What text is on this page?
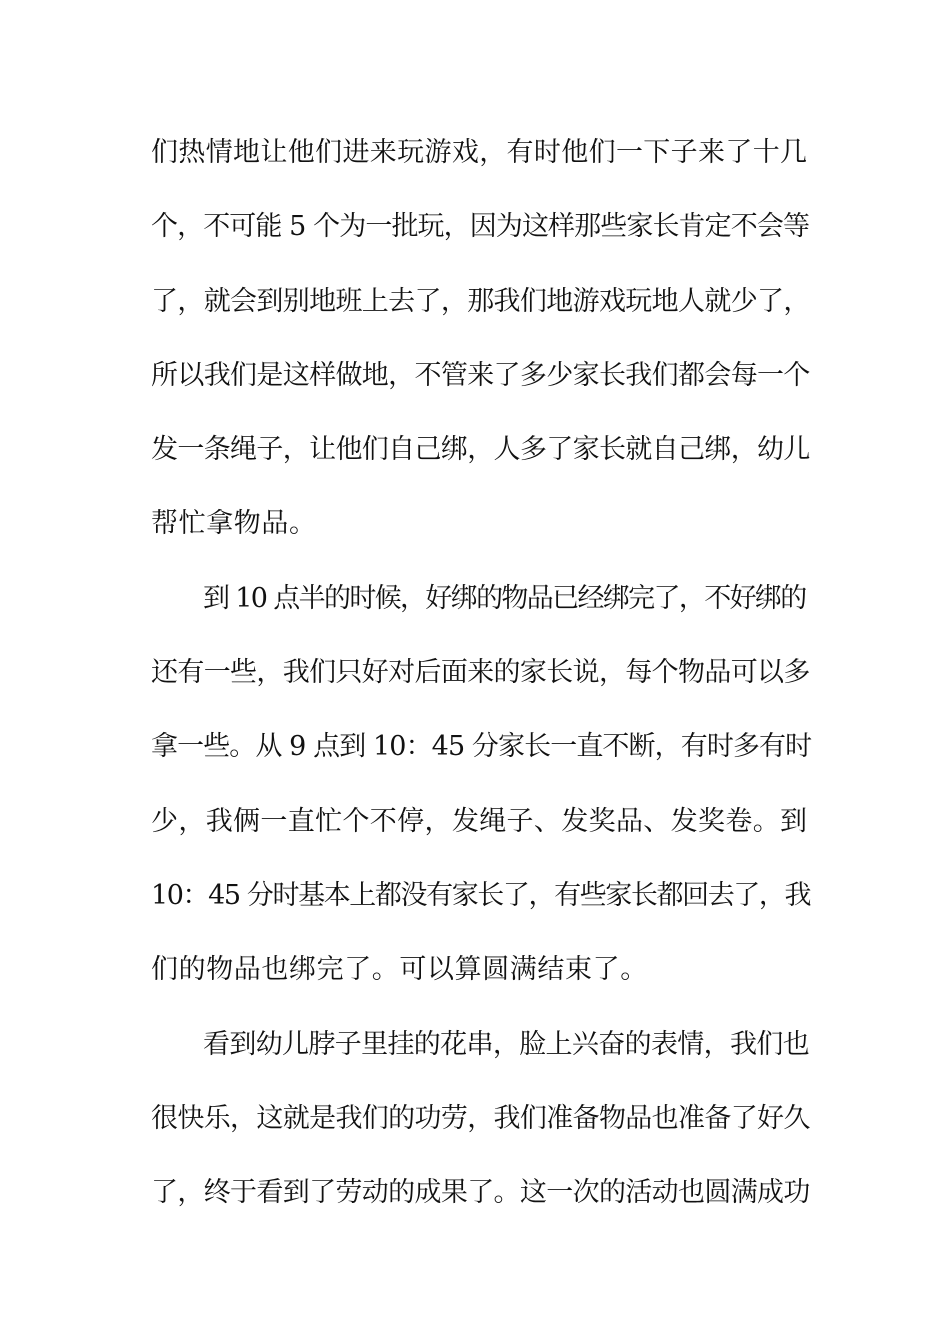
们热情地让他们进来玩游戏，有时他们一下子来了十几
个，不可能 5 个为一批玩，因为这样那些家长肯定不会等
了，就会到别地班上去了，那我们地游戏玩地人就少了，
所以我们是这样做地，不管来了多少家长我们都会每一个
发一条绳子，让他们自己绑，人多了家长就自己绑，幼儿
帮忙拿物品。
到 10 点半的时候，好绑的物品已经绑完了，不好绑的
还有一些，我们只好对后面来的家长说，每个物品可以多
拿一些。从 9 点到 10：45 分家长一直不断，有时多有时
少，我俩一直忙个不停，发绳子、发奖品、发奖卷。到
10：45 分时基本上都没有家长了，有些家长都回去了，我
们的物品也绑完了。可以算圆满结束了。
看到幼儿脖子里挂的花串，脸上兴奋的表情，我们也
很快乐，这就是我们的功劳，我们准备物品也准备了好久
了，终于看到了劳动的成果了。这一次的活动也圆满成功
